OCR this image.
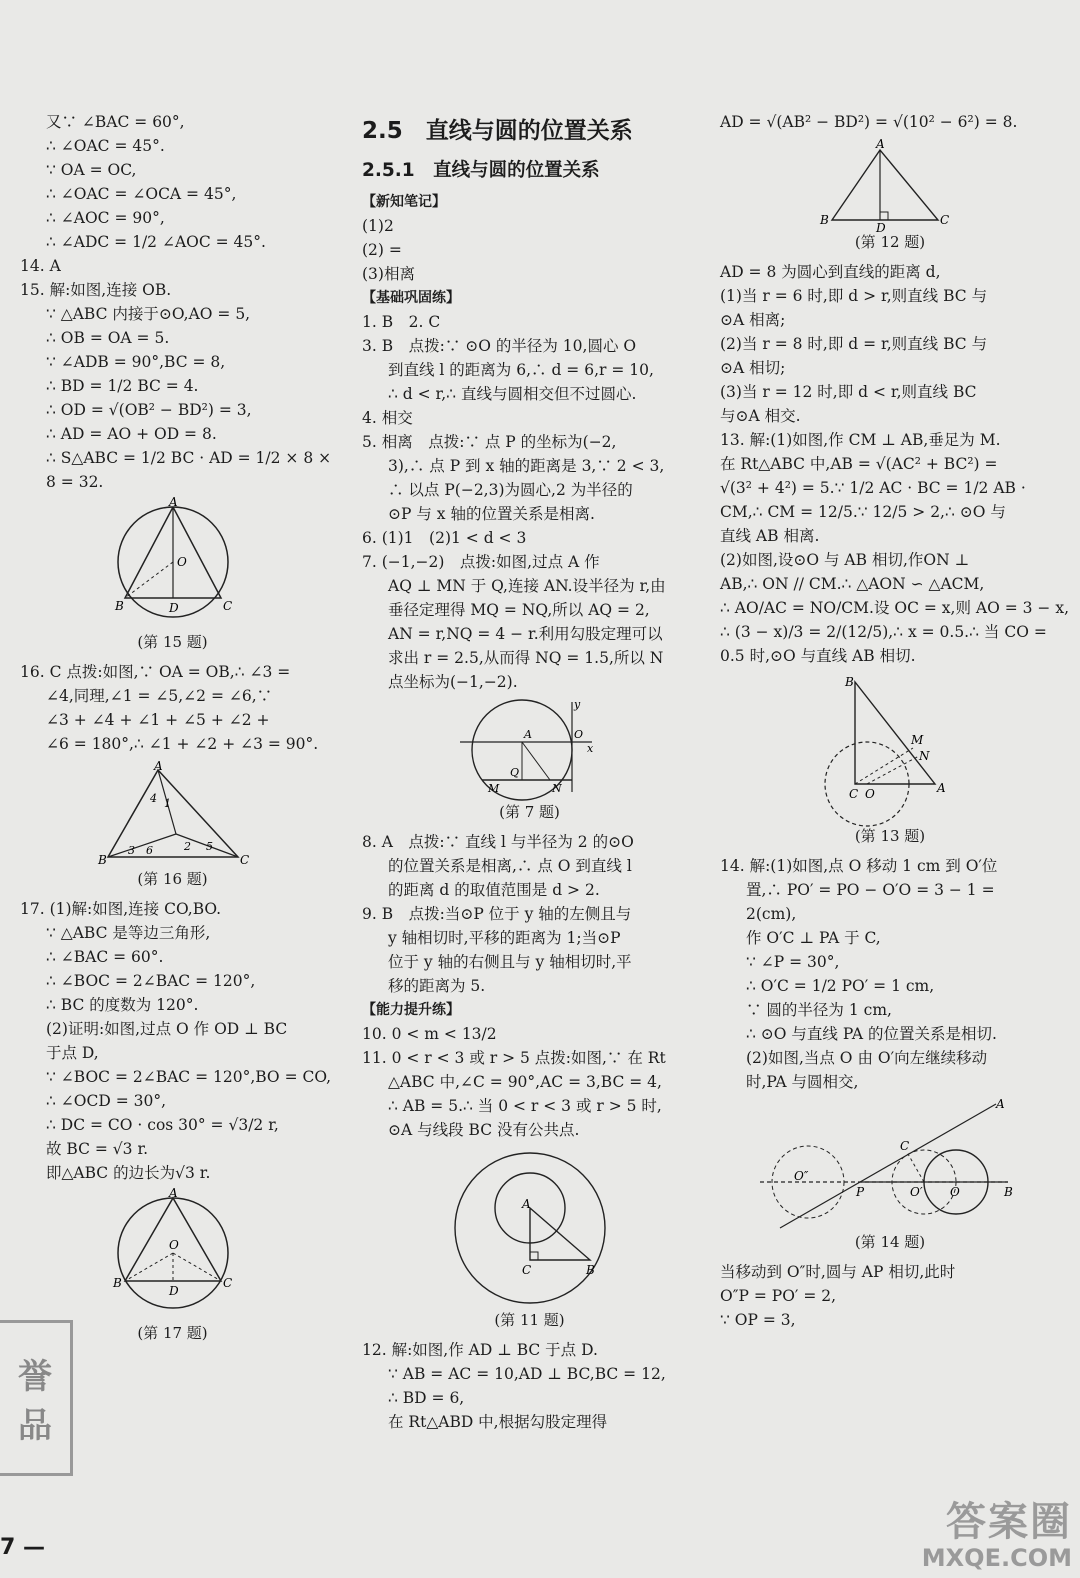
又∵ ∠BAC = 60°,

∴ ∠OAC = 45°.

∵ OA = OC,

∴ ∠OAC = ∠OCA = 45°,

∴ ∠AOC = 90°,

∴ ∠ADC = 1/2 ∠AOC = 45°.

14. A

15. 解:如图,连接 OB.

∵ △ABC 内接于⊙O,AO = 5,

∴ OB = OA = 5.

∵ ∠ADB = 90°,BC = 8,

∴ BD = 1/2 BC = 4.

∴ OD = √(OB² − BD²) = 3,

∴ AD = AO + OD = 8.

∴ S△ABC = 1/2 BC · AD = 1/2 × 8 ×

8 = 32.

A
B	C
D
O
(第 15 题)

16. C 点拨:如图,∵ OA = OB,∴ ∠3 =

∠4,同理,∠1 = ∠5,∠2 = ∠6,∵

∠3 + ∠4 + ∠1 + ∠5 + ∠2 +

∠6 = 180°,∴ ∠1 + ∠2 + ∠3 = 90°.

A
B	C
4 1
3 6	2 5
(第 16 题)

17. (1)解:如图,连接 CO,BO.

∵ △ABC 是等边三角形,

∴ ∠BAC = 60°.

∴ ∠BOC = 2∠BAC = 120°,

∴ BC 的度数为 120°.

(2)证明:如图,过点 O 作 OD ⊥ BC

于点 D,

∵ ∠BOC = 2∠BAC = 120°,BO = CO,

∴ ∠OCD = 30°,

∴ DC = CO · cos 30° = √3/2 r,

故 BC = √3 r.

即△ABC 的边长为√3 r.

A
B	C
D
O
(第 17 题)
誉
品
2.5　直线与圆的位置关系
2.5.1　直线与圆的位置关系

【新知笔记】

(1)2

(2) =

(3)相离

【基础巩固练】

1. B　2. C

3. B　点拨:∵ ⊙O 的半径为 10,圆心 O

到直线 l 的距离为 6,∴ d = 6,r = 10,

∴ d < r,∴ 直线与圆相交但不过圆心.

4. 相交

5. 相离　点拨:∵ 点 P 的坐标为(−2,

3),∴ 点 P 到 x 轴的距离是 3,∵ 2 < 3,

∴ 以点 P(−2,3)为圆心,2 为半径的

⊙P 与 x 轴的位置关系是相离.

6. (1)1　(2)1 < d < 3

7. (−1,−2)　点拨:如图,过点 A 作

AQ ⊥ MN 于 Q,连接 AN.设半径为 r,由

垂径定理得 MQ = NQ,所以 AQ = 2,

AN = r,NQ = 4 − r.利用勾股定理可以

求出 r = 2.5,从而得 NQ = 1.5,所以 N

点坐标为(−1,−2).

x
y
O
A
Q
M	N
(第 7 题)

8. A　点拨:∵ 直线 l 与半径为 2 的⊙O

的位置关系是相离,∴ 点 O 到直线 l

的距离 d 的取值范围是 d > 2.

9. B　点拨:当⊙P 位于 y 轴的左侧且与

y 轴相切时,平移的距离为 1;当⊙P

位于 y 轴的右侧且与 y 轴相切时,平

移的距离为 5.

【能力提升练】

10. 0 < m < 13/2

11. 0 < r < 3 或 r > 5 点拨:如图,∵ 在 Rt

△ABC 中,∠C = 90°,AC = 3,BC = 4,

∴ AB = 5.∴ 当 0 < r < 3 或 r > 5 时,

⊙A 与线段 BC 没有公共点.

A
C	B
(第 11 题)

12. 解:如图,作 AD ⊥ BC 于点 D.

∵ AB = AC = 10,AD ⊥ BC,BC = 12,

∴ BD = 6,

在 Rt△ABD 中,根据勾股定理得

AD = √(AB² − BD²) = √(10² − 6²) = 8.

A
B	C
D
(第 12 题)

AD = 8 为圆心到直线的距离 d,

(1)当 r = 6 时,即 d > r,则直线 BC 与

⊙A 相离;

(2)当 r = 8 时,即 d = r,则直线 BC 与

⊙A 相切;

(3)当 r = 12 时,即 d < r,则直线 BC

与⊙A 相交.

13. 解:(1)如图,作 CM ⊥ AB,垂足为 M.

在 Rt△ABC 中,AB = √(AC² + BC²) =

√(3² + 4²) = 5.∵ 1/2 AC · BC = 1/2 AB ·

CM,∴ CM = 12/5.∵ 12/5 > 2,∴ ⊙O 与

直线 AB 相离.

(2)如图,设⊙O 与 AB 相切,作ON ⊥

AB,∴ ON // CM.∴ △AON ∽ △ACM,

∴ AO/AC = NO/CM.设 OC = x,则 AO = 3 − x,

∴ (3 − x)/3 = 2/(12/5),∴ x = 0.5.∴ 当 CO =

0.5 时,⊙O 与直线 AB 相切.

B
M
N
A
C O
(第 13 题)

14. 解:(1)如图,点 O 移动 1 cm 到 O′位

置,∴ PO′ = PO − O′O = 3 − 1 =

2(cm),

作 O′C ⊥ PA 于 C,

∵ ∠P = 30°,

∴ O′C = 1/2 PO′ = 1 cm,

∵ 圆的半径为 1 cm,

∴ ⊙O 与直线 PA 的位置关系是相切.

(2)如图,当点 O 由 O′向左继续移动

时,PA 与圆相交,

A
C
O″
P	O′ O	B
(第 14 题)

当移动到 O″时,圆与 AP 相切,此时

O″P = PO′ = 2,

∵ OP = 3,

7 —
答案圈
MXQE.COM
